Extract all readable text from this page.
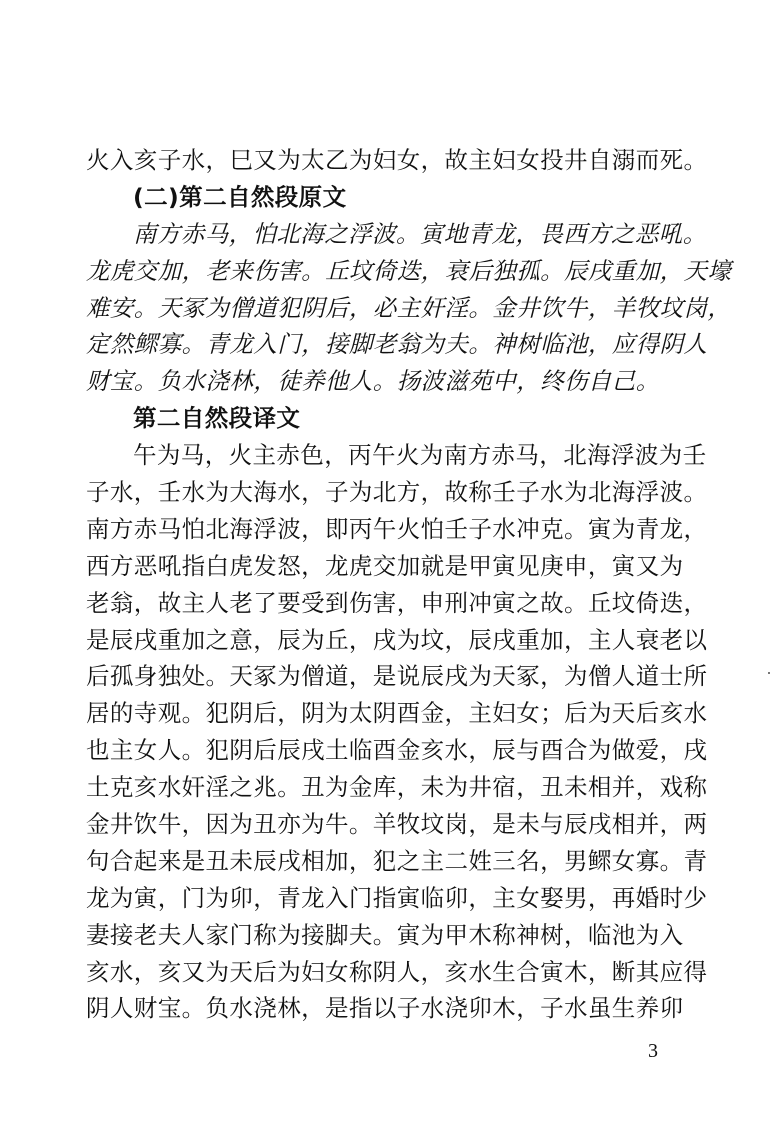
火入亥子水，巳又为太乙为妇女，故主妇女投井自溺而死。
(二)第二自然段原文
南方赤马，怕北海之浮波。寅地青龙，畏西方之恶吼。
龙虎交加，老来伤害。丘坟倚迭，衰后独孤。辰戌重加，天壕
难安。天冢为僧道犯阴后，必主奸淫。金井饮牛，羊牧坟岗，
定然鳏寡。青龙入门，接脚老翁为夫。神树临池，应得阴人
财宝。负水浇林，徒养他人。扬波滋苑中，终伤自己。
第二自然段译文
午为马，火主赤色，丙午火为南方赤马，北海浮波为壬
子水，壬水为大海水，子为北方，故称壬子水为北海浮波。
南方赤马怕北海浮波，即丙午火怕壬子水冲克。寅为青龙，
西方恶吼指白虎发怒，龙虎交加就是甲寅见庚申，寅又为
老翁，故主人老了要受到伤害，申刑冲寅之故。丘坟倚迭，
是辰戌重加之意，辰为丘，戌为坟，辰戌重加，主人衰老以
后孤身独处。天冢为僧道，是说辰戌为天冢，为僧人道士所
居的寺观。犯阴后，阴为太阴酉金，主妇女；后为天后亥水
也主女人。犯阴后辰戌土临酉金亥水，辰与酉合为做爱，戌
土克亥水奸淫之兆。丑为金库，未为井宿，丑未相并，戏称
金井饮牛，因为丑亦为牛。羊牧坟岗，是未与辰戌相并，两
句合起来是丑未辰戌相加，犯之主二姓三名，男鳏女寡。青
龙为寅，门为卯，青龙入门指寅临卯，主女娶男，再婚时少
妻接老夫人家门称为接脚夫。寅为甲木称神树，临池为入
亥水，亥又为天后为妇女称阴人，亥水生合寅木，断其应得
阴人财宝。负水浇林，是指以子水浇卯木，子水虽生养卯
3
